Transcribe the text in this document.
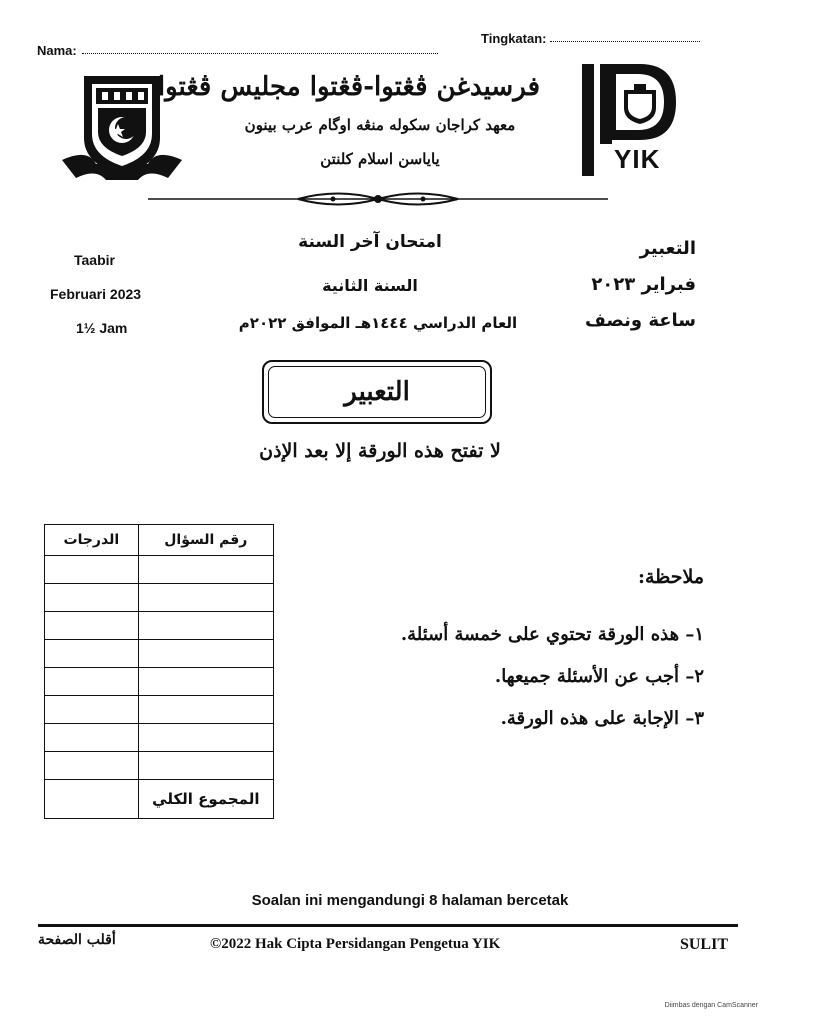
Nama:
Tingkatan:
فرسيدغن ڤڠتوا-ڤڠتوا مجليس ڤڠتوا
معهد كراجان سكوله منڠه اوگام عرب بينون
ياياسن اسلام كلنتن	YIK
Taabir
Februari 2023
1½ Jam
امتحان آخر السنة
السنة الثانية
العام الدراسي ١٤٤٤هـ الموافق ٢٠٢٢م
التعبير
فبراير ٢٠٢٣
ساعة ونصف
التعبير
لا تفتح هذه الورقة إلا بعد الإذن
الدرجات	رقم السؤال

	المجموع الكلي
ملاحظة:
١– هذه الورقة تحتوي على خمسة أسئلة.
٢– أجب عن الأسئلة جميعها.
٣– الإجابة على هذه الورقة.
Soalan ini mengandungi 8 halaman bercetak
أقلب الصفحة	©2022 Hak Cipta Persidangan Pengetua YIK	SULIT
Diimbas dengan CamScanner
